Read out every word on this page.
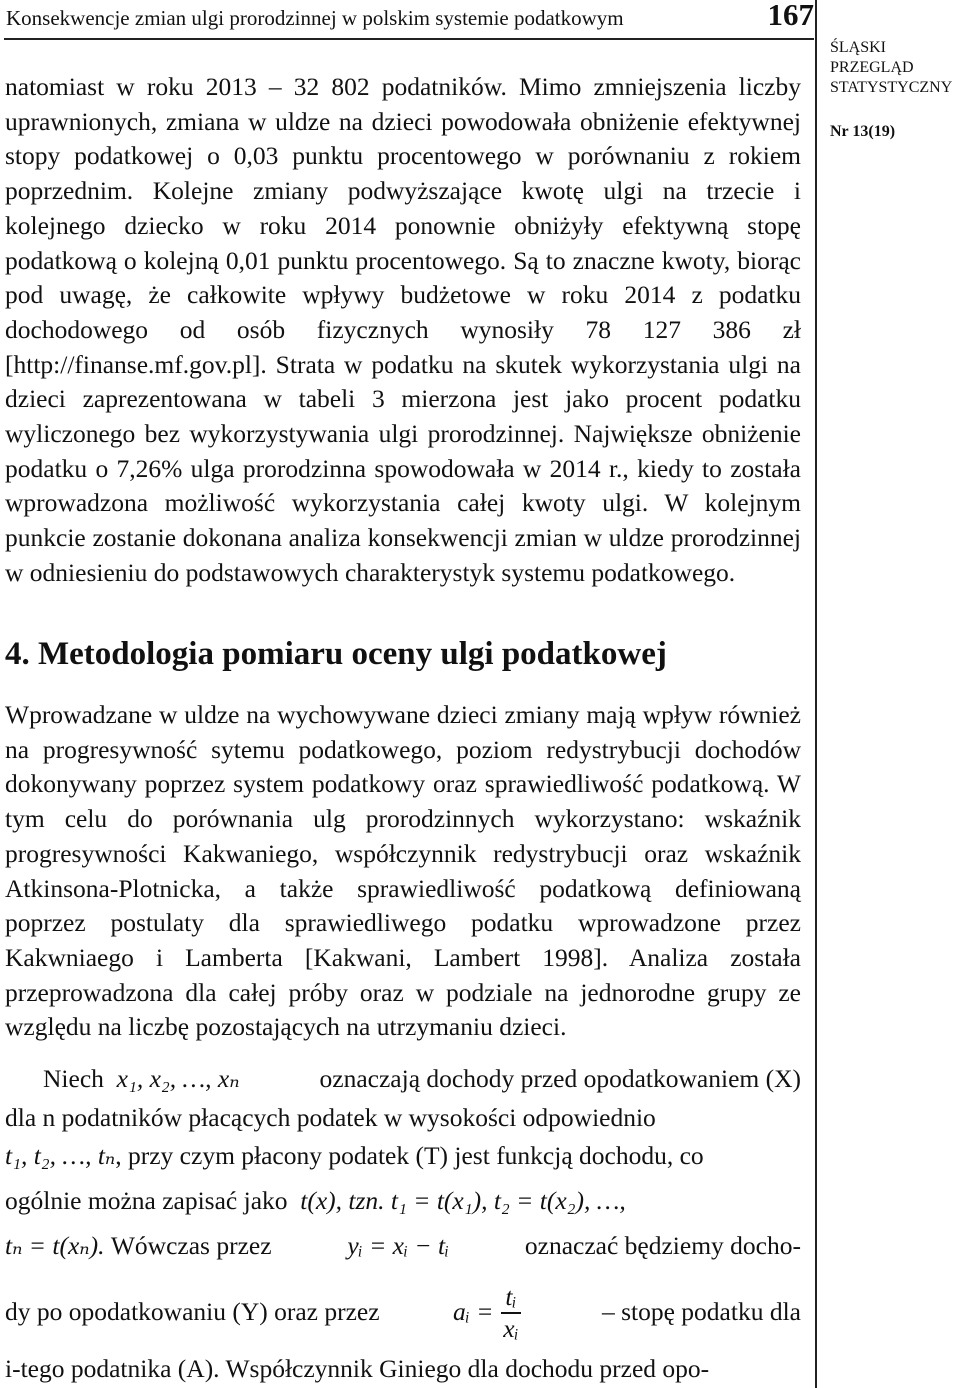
Konsekwencje zmian ulgi prorodzinnej w polskim systemie podatkowym	167
ŚLĄSKI
PRZEGLĄD
STATYSTYCZNY
Nr 13(19)

natomiast w roku 2013 – 32 802 podatników. Mimo zmniejszenia liczby uprawnionych, zmiana w uldze na dzieci powodowała obniżenie efektywnej stopy podatkowej o 0,03 punktu procentowego w porównaniu z rokiem poprzednim. Kolejne zmiany podwyższające kwotę ulgi na trzecie i kolejnego dziecko w roku 2014 ponownie obniżyły efektywną stopę podatkową o kolejną 0,01 punktu procentowego. Są to znaczne kwoty, biorąc pod uwagę, że całkowite wpływy budżetowe w roku 2014 z podatku dochodowego od osób fizycznych wynosiły 78 127 386 zł [http://finanse.mf.gov.pl]. Strata w podatku na skutek wykorzystania ulgi na dzieci zaprezentowana w tabeli 3 mierzona jest jako procent podatku wyliczonego bez wykorzystywania ulgi prorodzinnej. Największe obniżenie podatku o 7,26% ulga prorodzinna spowodowała w 2014 r., kiedy to została wprowadzona możliwość wykorzystania całej kwoty ulgi. W kolejnym punkcie zostanie dokonana analiza konsekwencji zmian w uldze prorodzinnej w odniesieniu do podstawowych charakterystyk systemu podatkowego.

4. Metodologia pomiaru oceny ulgi podatkowej

Wprowadzane w uldze na wychowywane dzieci zmiany mają wpływ również na progresywność sytemu podatkowego, poziom redystrybucji dochodów dokonywany poprzez system podatkowy oraz sprawiedliwość podatkową. W tym celu do porównania ulg prorodzinnych wykorzystano: wskaźnik progresywności Kakwaniego, współczynnik redystrybucji oraz wskaźnik Atkinsona-Plotnicka, a także sprawiedliwość podatkową definiowaną poprzez postulaty dla sprawiedliwego podatku wprowadzone przez Kakwniaego i Lamberta [Kakwani, Lambert 1998]. Analiza została przeprowadzona dla całej próby oraz w podziale na jednorodne grupy ze względu na liczbę pozostających na utrzymaniu dzieci.

Niech x₁, x₂, …, xₙ	oznaczają dochody przed opodatkowaniem (X)
dla n podatników płacących podatek w wysokości odpowiednio
t₁, t₂, …, tₙ, przy czym płacony podatek (T) jest funkcją dochodu, co
ogólnie można zapisać jako t(x), tzn. t₁ = t(x₁), t₂ = t(x₂), …,
tₙ = t(xₙ). Wówczas przez	yᵢ = xᵢ − tᵢ	oznaczać będziemy docho-
dy po opodatkowaniu (Y) oraz przez	aᵢ = $\frac{\text{tᵢ}}{\text{xᵢ}}$	– stopę podatku dla
i-tego podatnika (A). Współczynnik Giniego dla dochodu przed opo-
